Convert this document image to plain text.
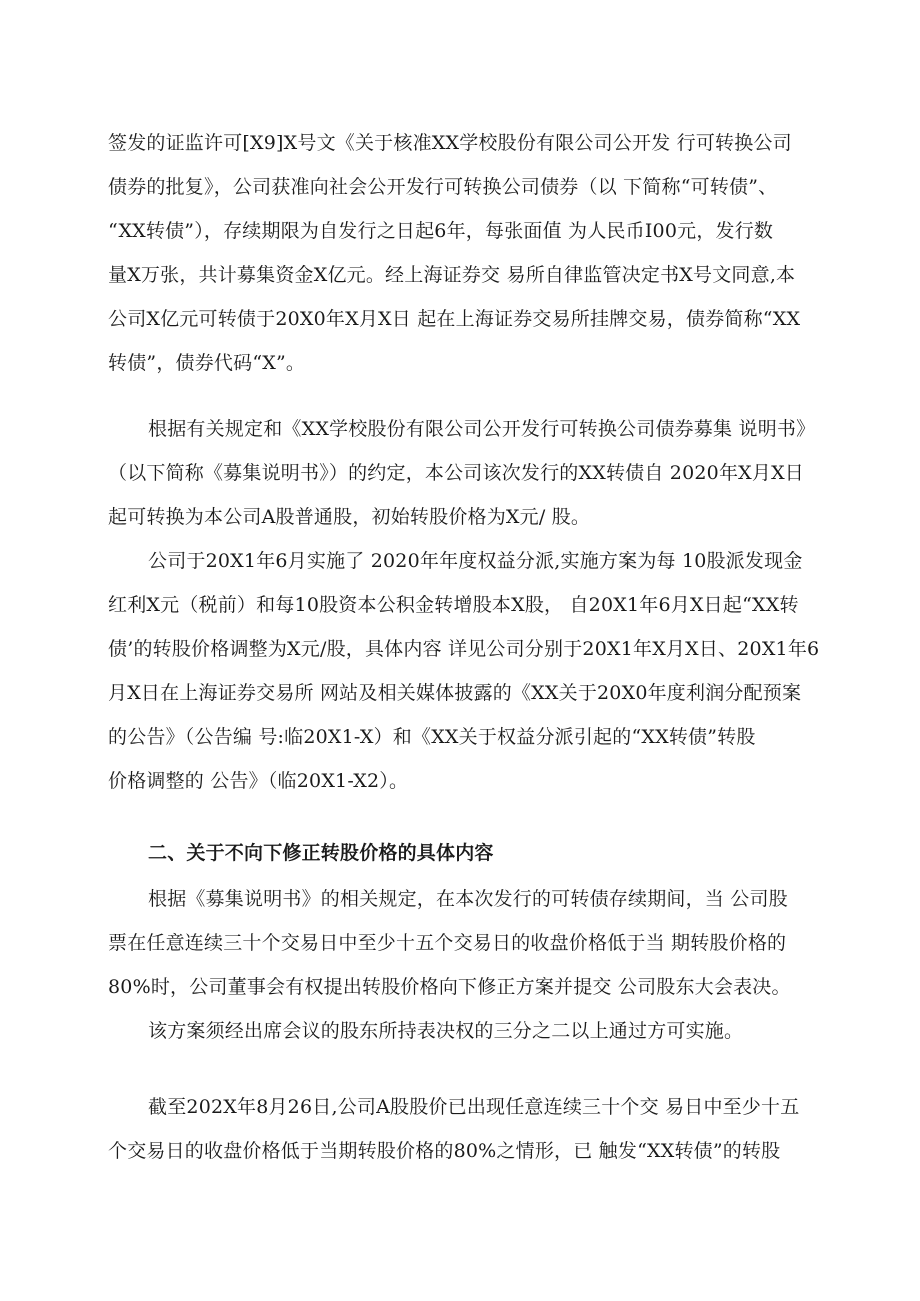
签发的证监许可[X9]X号文《关于核准XX学校股份有限公司公开发 行可转换公司
债券的批复》，公司获准向社会公开发行可转换公司债券（以 下简称“可转债”、
“XX转债”），存续期限为自发行之日起6年，每张面值 为人民币I00元，发行数
量X万张，共计募集资金X亿元。经上海证券交 易所自律监管决定书X号文同意,本
公司X亿元可转债于20X0年X月X日 起在上海证券交易所挂牌交易，债券简称“XX
转债”，债券代码“X”。
根据有关规定和《XX学校股份有限公司公开发行可转换公司债券募集 说明书》
（以下简称《募集说明书》）的约定，本公司该次发行的XX转债自 2020年X月X日
起可转换为本公司A股普通股，初始转股价格为X元/ 股。
公司于20X1年6月实施了 2020年年度权益分派,实施方案为每 10股派发现金
红利X元（税前）和每10股资本公积金转增股本X股， 自20X1年6月X日起“XX转
债’的转股价格调整为X元/股，具体内容 详见公司分别于20X1年X月X日、20X1年6
月X日在上海证券交易所 网站及相关媒体披露的《XX关于20X0年度利润分配预案
的公告》（公告编 号:临20X1-X）和《XX关于权益分派引起的“XX转债”转股
价格调整的 公告》（临20X1-X2）。
二、关于不向下修正转股价格的具体内容
根据《募集说明书》的相关规定，在本次发行的可转债存续期间，当 公司股
票在任意连续三十个交易日中至少十五个交易日的收盘价格低于当 期转股价格的
80%时，公司董事会有权提出转股价格向下修正方案并提交 公司股东大会表决。
该方案须经出席会议的股东所持表决权的三分之二以上通过方可实施。
截至202X年8月26日,公司A股股价已出现任意连续三十个交 易日中至少十五
个交易日的收盘价格低于当期转股价格的80%之情形，已 触发“XX转债”的转股
